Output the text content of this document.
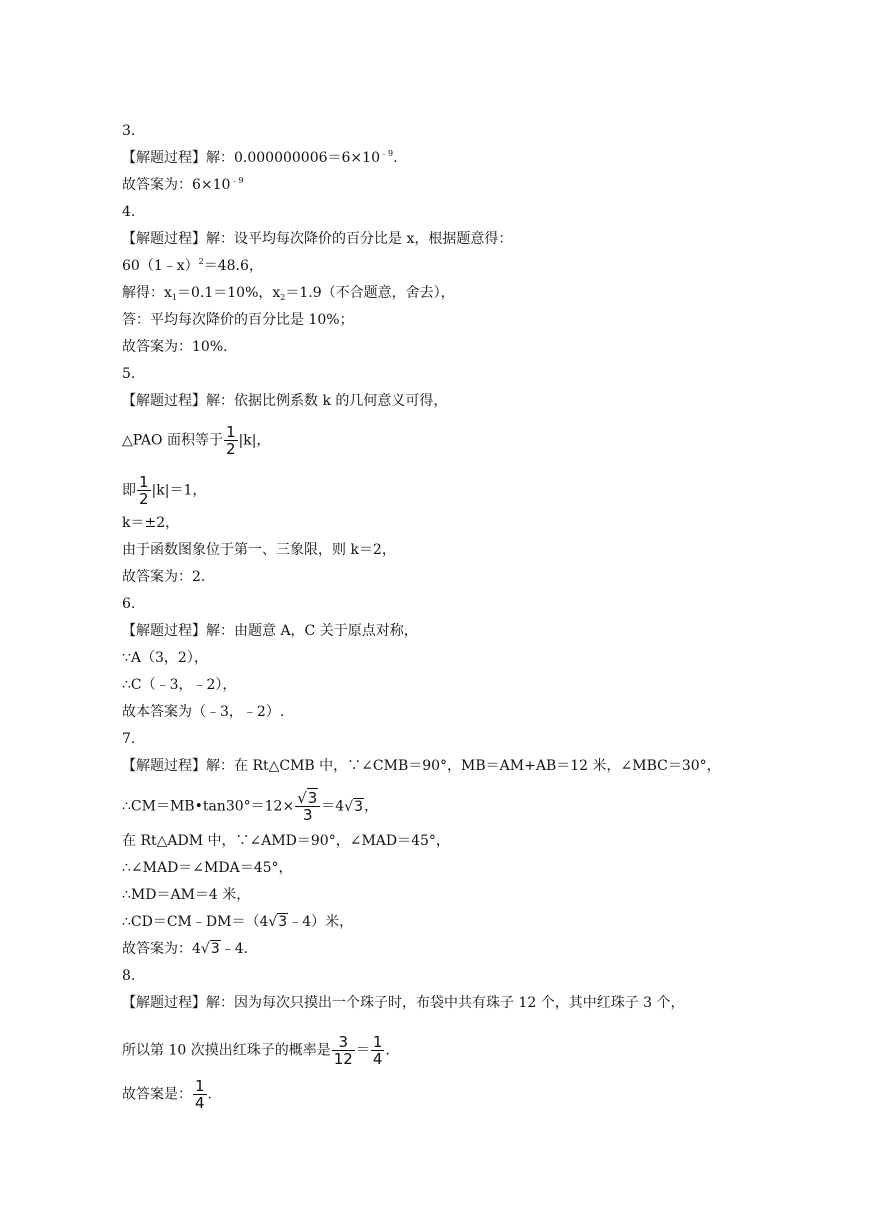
3.
【解题过程】解：$0.000000006=6\times 10^{﹣9}$.
故答案为：$6\times 10^{﹣9}$
4.
【解题过程】解：设平均每次降价的百分比是 x，根据题意得：
60（1﹣x）$^2$＝48.6，
解得：$x_1=0.1=10\%$，$x_2=1.9$（不合题意，舍去），
答：平均每次降价的百分比是 10%；
故答案为：10%.
5.
【解题过程】解：依据比例系数 k 的几何意义可得，
△PAO 面积等于 $\frac{1}{2} |k|$，
即 $\frac{1}{2} |k|=1$，
k＝±2，
由于函数图象位于第一、三象限，则 k＝2，
故答案为：2.
6.
【解题过程】解：由题意 A，C 关于原点对称，
∵A（3，2），
∴C（﹣3，﹣2），
故本答案为（﹣3，﹣2）.
7.
【解题过程】解：在 Rt△CMB 中，∵∠CMB＝90°，MB＝AM+AB＝12 米，∠MBC＝30°，
∴CM＝MB•tan30°＝12× $\frac{√3}{3} =4√3$，
在 Rt△ADM 中，∵∠AMD＝90°，∠MAD＝45°，
∴∠MAD＝∠MDA＝45°，
∴MD＝AM＝4 米，
∴CD＝CM﹣DM＝（4√3﹣4）米，
故答案为：4√3﹣4.
8.
【解题过程】解：因为每次只摸出一个珠子时，布袋中共有珠子 12 个，其中红珠子 3 个，
所以第 10 次摸出红珠子的概率是 $\frac{3}{12} = \frac{1}{4}$ .
故答案是： $\frac{1}{4}$ .
